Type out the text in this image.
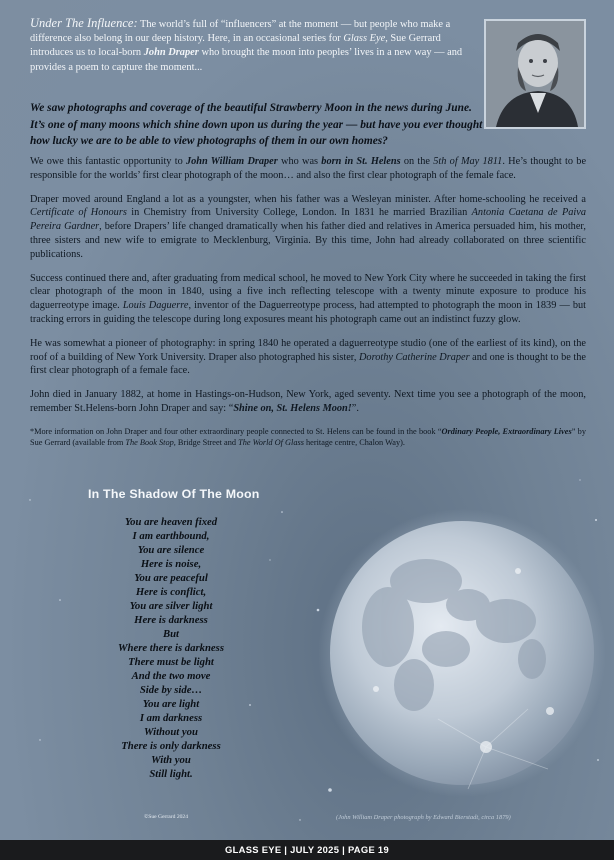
Under The Influence: The world’s full of “influencers” at the moment — but people who make a difference also belong in our deep history. Here, in an occasional series for Glass Eye, Sue Gerrard introduces us to local-born John Draper who brought the moon into peoples’ lives in a new way — and provides a poem to capture the moment...
We saw photographs and coverage of the beautiful Strawberry Moon in the news during June. It’s one of many moons which shine down upon us during the year — but have you ever thought how lucky we are to be able to view photographs of them in our own homes?

We owe this fantastic opportunity to John William Draper who was born in St. Helens on the 5th of May 1811. He’s thought to be responsible for the worlds’ first clear photograph of the moon… and also the first clear photograph of the female face.

Draper moved around England a lot as a youngster, when his father was a Wesleyan minister. After home-schooling he received a Certificate of Honours in Chemistry from University College, London. In 1831 he married Brazilian Antonia Caetana de Paiva Pereira Gardner, before Drapers’ life changed dramatically when his father died and relatives in America persuaded him, his mother, three sisters and new wife to emigrate to Mecklenburg, Virginia. By this time, John had already collaborated on three scientific publications.

Success continued there and, after graduating from medical school, he moved to New York City where he succeeded in taking the first clear photograph of the moon in 1840, using a five inch reflecting telescope with a twenty minute exposure to produce his daguerreotype image. Louis Daguerre, inventor of the Daguerreotype process, had attempted to photograph the moon in 1839 — but tracking errors in guiding the telescope during long exposures meant his photograph came out an indistinct fuzzy glow.

He was somewhat a pioneer of photography: in spring 1840 he operated a daguerreotype studio (one of the earliest of its kind), on the roof of a building of New York University. Draper also photographed his sister, Dorothy Catherine Draper and one is thought to be the first clear photograph of a female face.

John died in January 1882, at home in Hastings-on-Hudson, New York, aged seventy. Next time you see a photograph of the moon, remember St.Helens-born John Draper and say: “Shine on, St. Helens Moon!”.

*More information on John Draper and four other extraordinary people connected to St. Helens can be found in the book “Ordinary People, Extraordinary Lives” by Sue Gerrard (available from The Book Stop, Bridge Street and The World Of Glass heritage centre, Chalon Way).

In The Shadow Of The Moon
You are heaven fixed
I am earthbound,
You are silence
Here is noise,
You are peaceful
Here is conflict,
You are silver light
Here is darkness
But
Where there is darkness
There must be light
And the two move
Side by side…
You are light
I am darkness
Without you
There is only darkness
With you
Still light.
©Sue Gerrard 2024	(John William Draper photograph by Edward Bierstadt, circa 1879)
GLASS EYE | JULY 2025 | PAGE 19
